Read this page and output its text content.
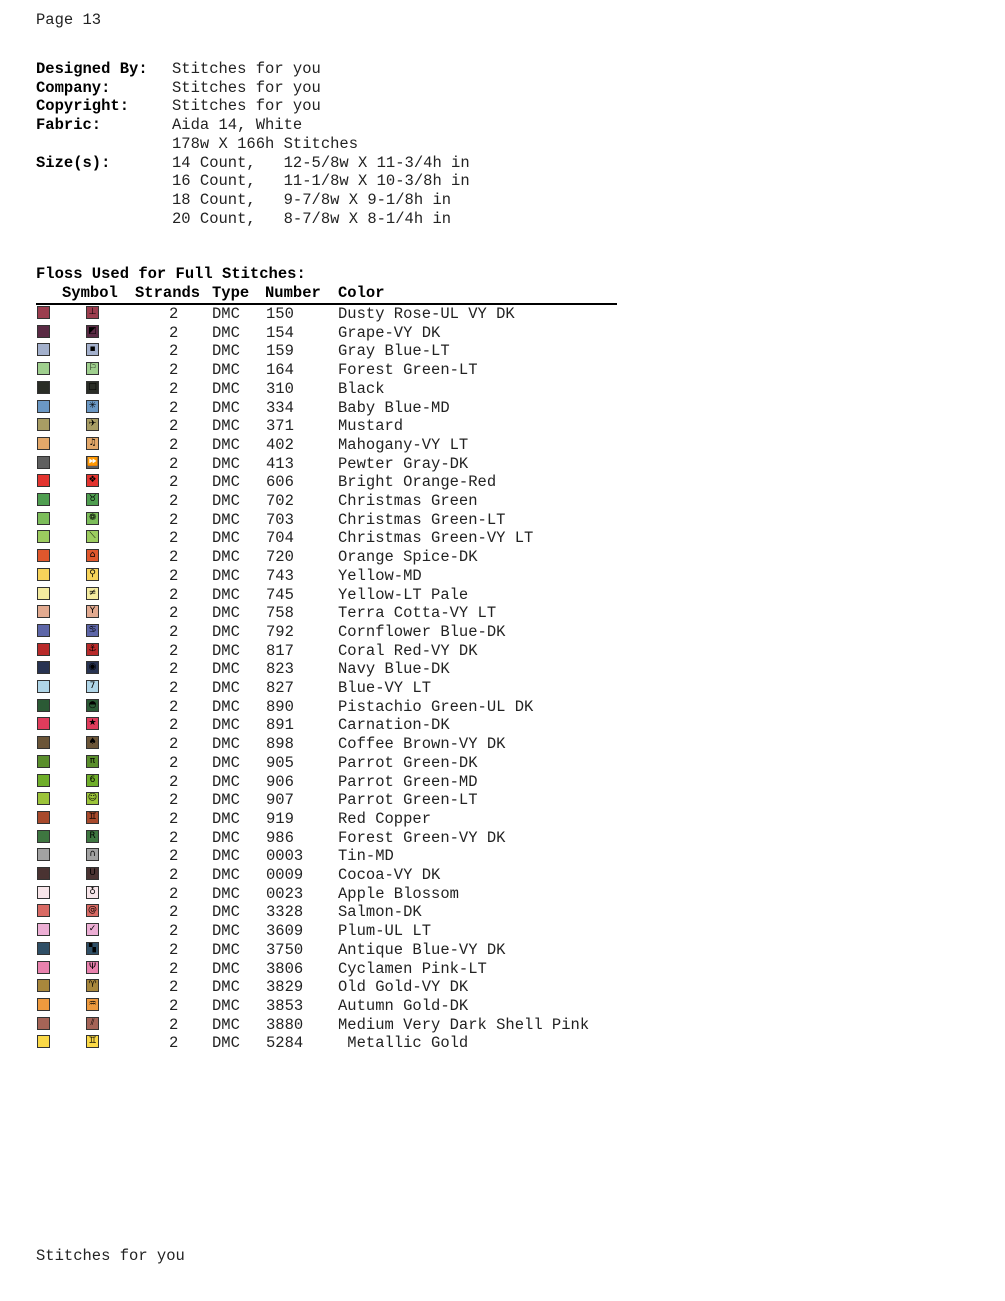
Page 13
Designed By: Stitches for you
Company:	Stitches for you
Copyright:	Stitches for you
Fabric:	Aida 14, White
178w X 166h Stitches
Size(s):	14 Count,   12-5/8w X 11-3/4h in
16 Count,   11-1/8w X 10-3/8h in
18 Count,   9-7/8w X 9-1/8h in
20 Count,   8-7/8w X 8-1/4h in
Floss Used for Full Stitches:
Symbol Strands Type Number Color
⊥	2 DMC 150	Dusty Rose-UL VY DK
◩	2 DMC 154	Grape-VY DK
▪	2 DMC 159	Gray Blue-LT
⚐	2 DMC 164	Forest Green-LT
□	2 DMC 310	Black
✳	2 DMC 334	Baby Blue-MD
✈	2 DMC 371	Mustard
♫	2 DMC 402	Mahogany-VY LT
⏩	2 DMC 413	Pewter Gray-DK
❖	2 DMC 606	Bright Orange-Red
♉	2 DMC 702	Christmas Green
❁	2 DMC 703	Christmas Green-LT
⟍	2 DMC 704	Christmas Green-VY LT
⌂	2 DMC 720	Orange Spice-DK
⚲	2 DMC 743	Yellow-MD
≠	2 DMC 745	Yellow-LT Pale
Y	2 DMC 758	Terra Cotta-VY LT
♋	2 DMC 792	Cornflower Blue-DK
⚓	2 DMC 817	Coral Red-VY DK
◉	2 DMC 823	Navy Blue-DK
7	2 DMC 827	Blue-VY LT
◓	2 DMC 890	Pistachio Green-UL DK
★	2 DMC 891	Carnation-DK
♠	2 DMC 898	Coffee Brown-VY DK
π	2 DMC 905	Parrot Green-DK
6	2 DMC 906	Parrot Green-MD
☺	2 DMC 907	Parrot Green-LT
♊	2 DMC 919	Red Copper
R	2 DMC 986	Forest Green-VY DK
∩	2 DMC 0003 Tin-MD
U	2 DMC 0009 Cocoa-VY DK
♁	2 DMC 0023 Apple Blossom
@	2 DMC 3328 Salmon-DK
✓	2 DMC 3609 Plum-UL LT
▚	2 DMC 3750 Antique Blue-VY DK
Ψ	2 DMC 3806 Cyclamen Pink-LT
♈	2 DMC 3829 Old Gold-VY DK
♒	2 DMC 3853 Autumn Gold-DK
⫽	2 DMC 3880 Medium Very Dark Shell Pink
♊	2 DMC 5284 Metallic Gold
Stitches for you
